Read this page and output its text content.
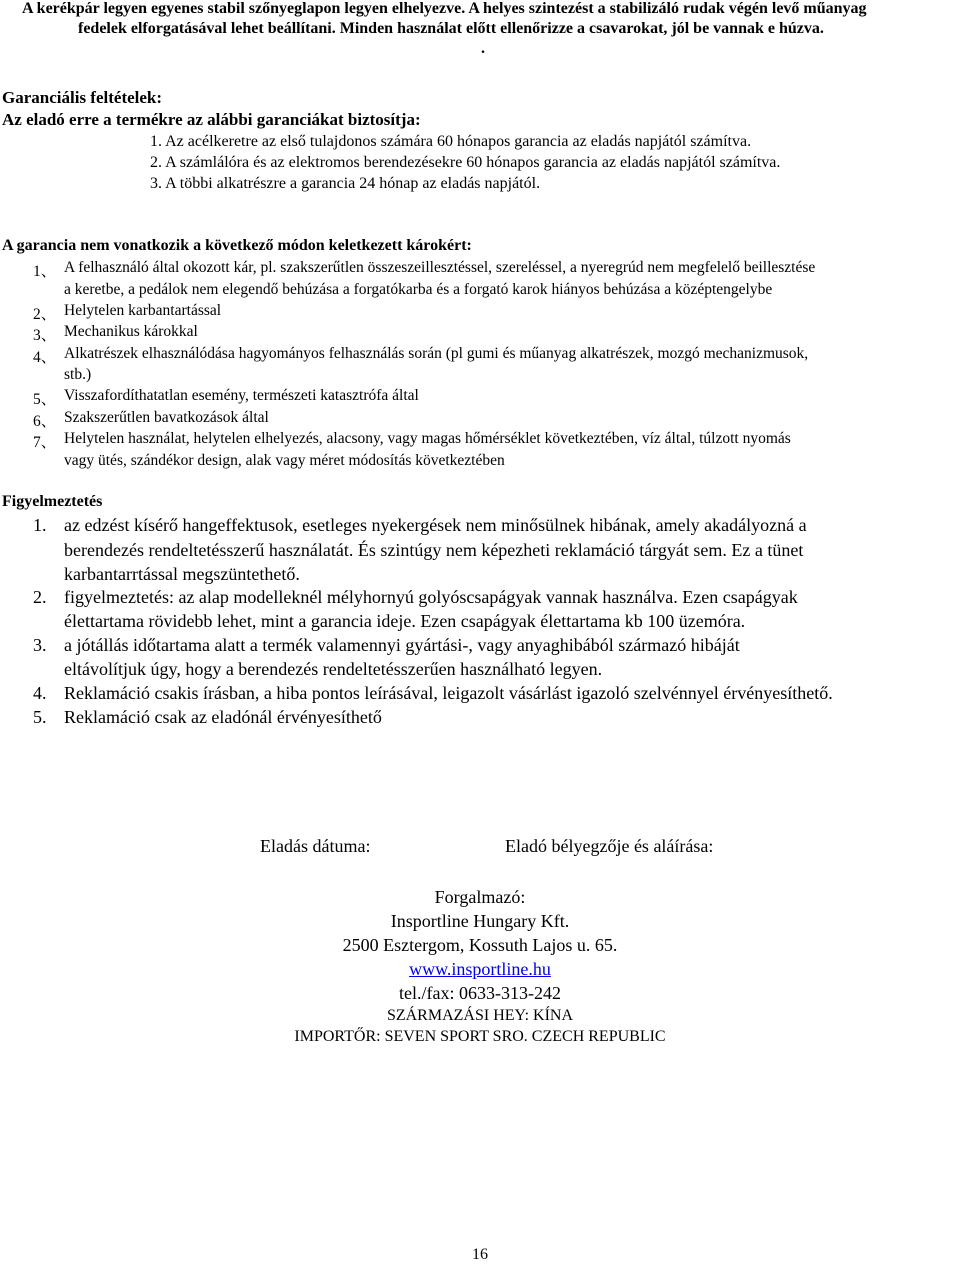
A kerékpár legyen egyenes stabil szőnyeglapon legyen elhelyezve. A helyes szintezést a stabilizáló rudak végén levő műanyag

fedelek elforgatásával lehet beállítani. Minden használat előtt ellenőrizze a csavarokat, jól be vannak e húzva.

.

Garanciális feltételek:

Az eladó erre a termékre az alábbi garanciákat biztosítja:

1. Az acélkeretre az első tulajdonos számára 60 hónapos garancia az eladás napjától számítva.

2. A számlálóra és az elektromos berendezésekre 60 hónapos garancia az eladás napjától számítva.

3. A többi alkatrészre a garancia 24 hónap az eladás napjától.

A garancia nem vonatkozik a következő módon keletkezett károkért:

1、 A felhasználó által okozott kár, pl. szakszerűtlen összeszeillesztéssel, szereléssel, a nyeregrúd nem megfelelő beillesztése
a keretbe, a pedálok nem elegendő behúzása a forgatókarba és a forgató karok hiányos behúzása a középtengelybe
2、 Helytelen karbantartással
3、 Mechanikus károkkal
4、 Alkatrészek elhasználódása hagyományos felhasználás során (pl gumi és műanyag alkatrészek, mozgó mechanizmusok,
stb.)
5、 Visszafordíthatatlan esemény, természeti katasztrófa által
6、 Szakszerűtlen bavatkozások által
7、 Helytelen használat, helytelen elhelyezés, alacsony, vagy magas hőmérséklet következtében, víz által, túlzott nyomás
vagy ütés, szándékor design, alak vagy méret módosítás következtében

Figyelmeztetés

1. az edzést kísérő hangeffektusok, esetleges nyekergések nem minősülnek hibának, amely akadályozná a
berendezés rendeltetésszerű használatát. És szintúgy nem képezheti reklamáció tárgyát sem. Ez a tünet
karbantarrtással megszüntethető.
2. figyelmeztetés: az alap modelleknél mélyhornyú golyóscsapágyak vannak használva. Ezen csapágyak
élettartama rövidebb lehet, mint a garancia ideje. Ezen csapágyak élettartama kb 100 üzemóra.
3. a jótállás időtartama alatt a termék valamennyi gyártási-, vagy anyaghibából származó hibáját
eltávolítjuk úgy, hogy a berendezés rendeltetésszerűen használható legyen.
4. Reklamáció csakis írásban, a hiba pontos leírásával, leigazolt vásárlást igazoló szelvénnyel érvényesíthető.
5. Reklamáció csak az eladónál érvényesíthető
Eladás dátuma:	Eladó bélyegzője és aláírása:
Forgalmazó:
Insportline Hungary Kft.
2500 Esztergom, Kossuth Lajos u. 65.
www.insportline.hu
tel./fax: 0633-313-242
SZÁRMAZÁSI HEY: KÍNA
IMPORTŐR: SEVEN SPORT SRO. CZECH REPUBLIC
16
